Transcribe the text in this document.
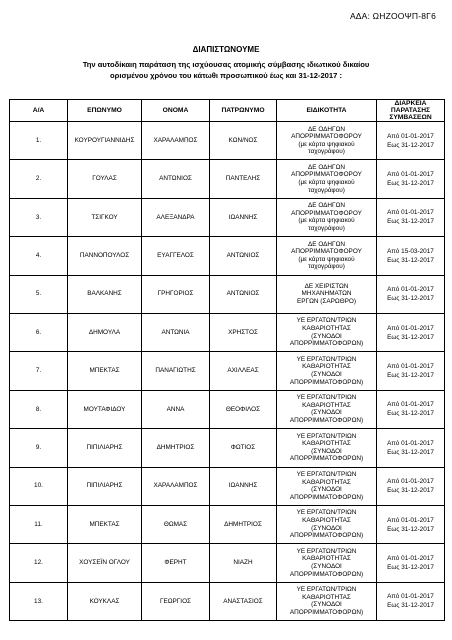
ΑΔΑ: ΩΗΖΟΟΨΠ-8Γ6
ΔΙΑΠΙΣΤΩΝΟΥΜΕ
Την αυτοδίκαιη παράταση της ισχύουσας ατομικής σύμβασης ιδιωτικού δικαίου
ορισμένου χρόνου του κάτωθι προσωπικού έως και 31-12-2017 :
Α/Α	ΕΠΩΝΥΜΟ	ΟΝΟΜΑ	ΠΑΤΡΩΝΥΜΟ	ΕΙΔΙΚΟΤΗΤΑ	ΔΙΑΡΚΕΙΑ
ΠΑΡΑΤΑΣΗΣ
ΣΥΜΒΑΣΕΩΝ

1.	ΚΟΥΡΟΥΓΙΑΝΝΙΔΗΣ	ΧΑΡΑΛΑΜΠΟΣ	ΚΩΝ/ΝΟΣ	ΔΕ ΟΔΗΓΩΝ
ΑΠΟΡΡΙΜΜΑΤΟΦΟΡΟΥ
(με κάρτα ψηφιακού
ταχογράφου)	Από 01-01-2017
Εως 31-12-2017

2.	ΓΟΥΛΑΣ	ΑΝΤΩΝΙΟΣ	ΠΑΝΤΕΛΗΣ	ΔΕ ΟΔΗΓΩΝ
ΑΠΟΡΡΙΜΜΑΤΟΦΟΡΟΥ
(με κάρτα ψηφιακού
ταχογράφου)	Από 01-01-2017
Εως 31-12-2017

3.	ΤΣΙΓΚΟΥ	ΑΛΕΞΑΝΔΡΑ	ΙΩΑΝΝΗΣ	ΔΕ ΟΔΗΓΩΝ
ΑΠΟΡΡΙΜΜΑΤΟΦΟΡΟΥ
(με κάρτα ψηφιακού
ταχογράφου)	Από 01-01-2017
Εως 31-12-2017

4.	ΠΑΝΝΟΠΟΥΛΟΣ	ΕΥΑΓΓΕΛΟΣ	ΑΝΤΩΝΙΟΣ	ΔΕ ΟΔΗΓΩΝ
ΑΠΟΡΡΙΜΜΑΤΟΦΟΡΟΥ
(με κάρτα ψηφιακού
ταχογράφου)	Από 15-03-2017
Εως 31-12-2017

5.	ΒΑΛΚΑΝΗΣ	ΓΡΗΓΟΡΙΟΣ	ΑΝΤΩΝΙΟΣ	ΔΕ ΧΕΙΡΙΣΤΩΝ
ΜΗΧΑΝΗΜΑΤΩΝ
ΕΡΓΩΝ (ΣΑΡΩΘΡΟ)	Από 01-01-2017
Εως 31-12-2017

6.	ΔΗΜΟΥΛΑ	ΑΝΤΩΝΙΑ	ΧΡΗΣΤΟΣ	ΥΕ ΕΡΓΑΤΩΝ/ΤΡΙΩΝ
ΚΑΘΑΡΙΟΤΗΤΑΣ
(ΣΥΝΟΔΟΙ
ΑΠΟΡΡΙΜΜΑΤΟΦΟΡΩΝ)	Από 01-01-2017
Εως 31-12-2017

7.	ΜΠΕΚΤΑΣ	ΠΑΝΑΓΙΩΤΗΣ	ΑΧΙΛΛΕΑΣ	ΥΕ ΕΡΓΑΤΩΝ/ΤΡΙΩΝ
ΚΑΘΑΡΙΟΤΗΤΑΣ
(ΣΥΝΟΔΟΙ
ΑΠΟΡΡΙΜΜΑΤΟΦΟΡΩΝ)	Από 01-01-2017
Εως 31-12-2017

8.	ΜΟΥΤΑΦΙΔΟΥ	ΑΝΝΑ	ΘΕΟΦΙΛΟΣ	ΥΕ ΕΡΓΑΤΩΝ/ΤΡΙΩΝ
ΚΑΘΑΡΙΟΤΗΤΑΣ
(ΣΥΝΟΔΟΙ
ΑΠΟΡΡΙΜΜΑΤΟΦΟΡΩΝ)	Από 01-01-2017
Εως 31-12-2017

9.	ΠΙΠΙΛΙΑΡΗΣ	ΔΗΜΗΤΡΙΟΣ	ΦΩΤΙΟΣ	ΥΕ ΕΡΓΑΤΩΝ/ΤΡΙΩΝ
ΚΑΘΑΡΙΟΤΗΤΑΣ
(ΣΥΝΟΔΟΙ
ΑΠΟΡΡΙΜΜΑΤΟΦΟΡΩΝ)	Από 01-01-2017
Εως 31-12-2017

10.	ΠΙΠΙΛΙΑΡΗΣ	ΧΑΡΑΛΑΜΠΟΣ	ΙΩΑΝΝΗΣ	ΥΕ ΕΡΓΑΤΩΝ/ΤΡΙΩΝ
ΚΑΘΑΡΙΟΤΗΤΑΣ
(ΣΥΝΟΔΟΙ
ΑΠΟΡΡΙΜΜΑΤΟΦΟΡΩΝ)	Από 01-01-2017
Εως 31-12-2017

11.	ΜΠΕΚΤΑΣ	ΘΩΜΑΣ	ΔΗΜΗΤΡΙΟΣ	ΥΕ ΕΡΓΑΤΩΝ/ΤΡΙΩΝ
ΚΑΘΑΡΙΟΤΗΤΑΣ
(ΣΥΝΟΔΟΙ
ΑΠΟΡΡΙΜΜΑΤΟΦΟΡΩΝ)	Από 01-01-2017
Εως 31-12-2017

12.	ΧΟΥΣΕΪΝ ΟΓΛΟΥ	ΦΕΡΗΤ	ΝΙΑΖΗ	ΥΕ ΕΡΓΑΤΩΝ/ΤΡΙΩΝ
ΚΑΘΑΡΙΟΤΗΤΑΣ
(ΣΥΝΟΔΟΙ
ΑΠΟΡΡΙΜΜΑΤΟΦΟΡΩΝ)	Από 01-01-2017
Εως 31-12-2017

13.	ΚΟΥΚΛΑΣ	ΓΕΩΡΓΙΟΣ	ΑΝΑΣΤΑΣΙΟΣ	ΥΕ ΕΡΓΑΤΩΝ/ΤΡΙΩΝ
ΚΑΘΑΡΙΟΤΗΤΑΣ
(ΣΥΝΟΔΟΙ
ΑΠΟΡΡΙΜΜΑΤΟΦΟΡΩΝ)	Από 01-01-2017
Εως 31-12-2017
